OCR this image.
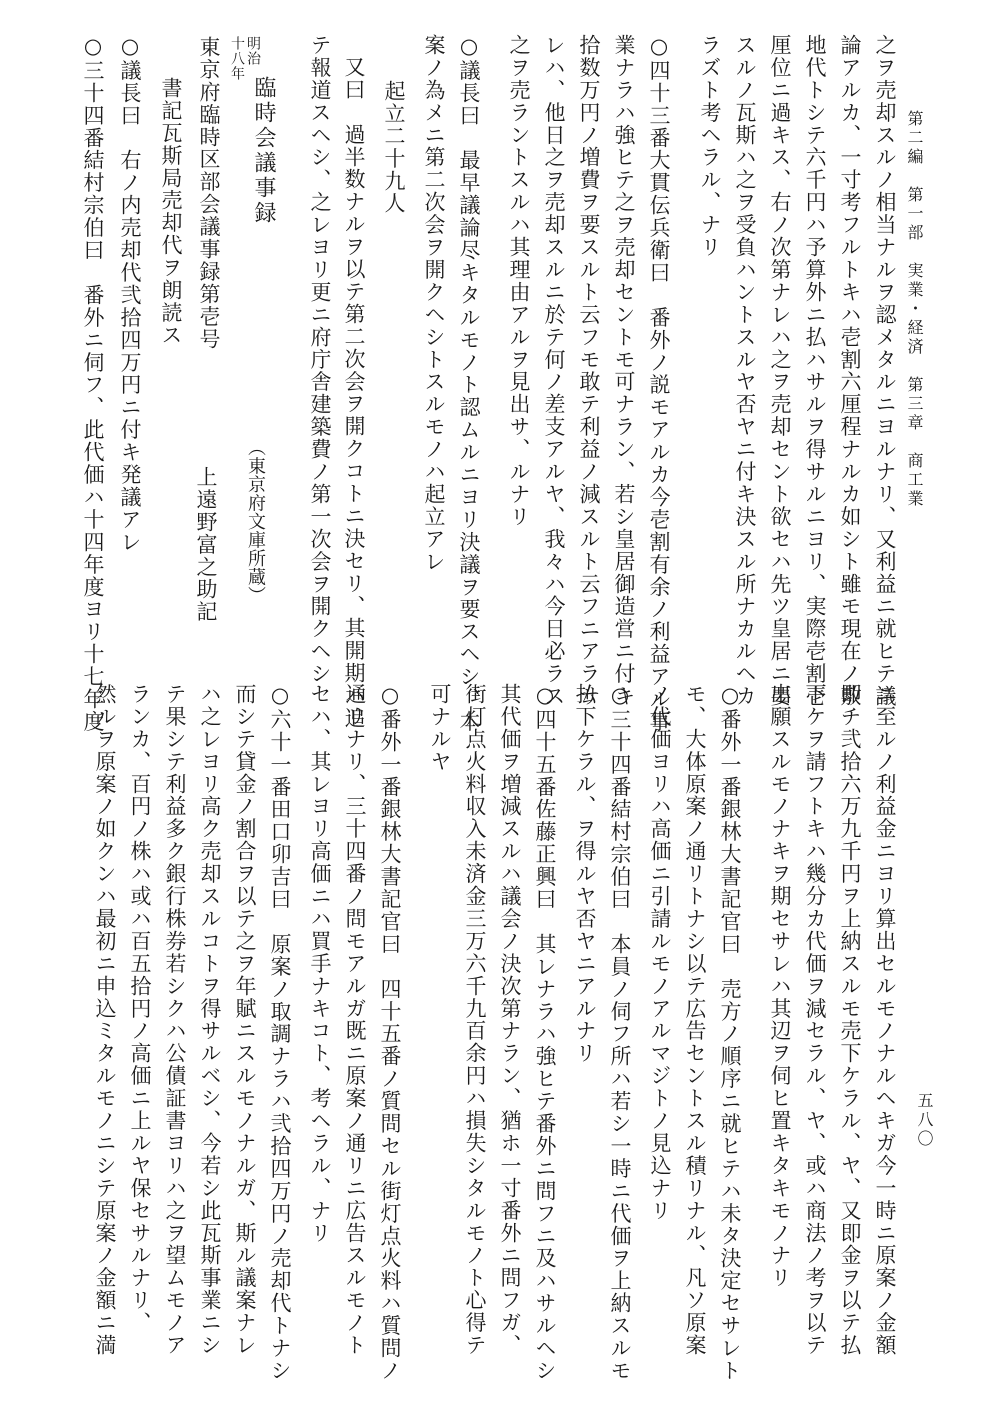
第二編　第一部　実業・経済　第三章　商工業
五八〇
之ヲ売却スルノ相当ナルヲ認メタルニヨルナリ、又利益ニ就ヒテ議
論アルカ、一寸考フルトキハ壱割六厘程ナルカ如シト雖モ現在ノ敷
地代トシテ六千円ハ予算外ニ払ハサルヲ得サルニヨリ、実際壱割壱
厘位ニ過キス、右ノ次第ナレハ之ヲ売却セント欲セハ先ツ皇居ニ要
スルノ瓦斯ハ之ヲ受負ハントスルヤ否ヤニ付キ決スル所ナカルヘカ
ラズト考ヘラル、ナリ
○四十三番大貫伝兵衛曰　番外ノ説モアルカ今壱割有余ノ利益アル事
業ナラハ強ヒテ之ヲ売却セントモ可ナラン、若シ皇居御造営ニ付キ
拾数万円ノ増費ヲ要スルト云フモ敢テ利益ノ減スルト云フニアラサ
レハ、他日之ヲ売却スルニ於テ何ノ差支アルヤ、我々ハ今日必ラス
之ヲ売ラントスルハ其理由アルヲ見出サ、ルナリ
○議長曰　最早議論尽キタルモノト認ムルニヨリ決議ヲ要スヘシ、本
案ノ為メニ第二次会ヲ開クヘシトスルモノハ起立アレ
起立二十九人
又曰　過半数ナルヲ以テ第二次会ヲ開クコトニ決セリ、其開期ハ追
テ報道スヘシ、之レヨリ更ニ府庁舎建築費ノ第一次会ヲ開クヘシ
（東京府文庫所蔵）
明治
十八年
臨時会議事録
東京府臨時区部会議事録第壱号
上遠野富之助記
書記瓦斯局売却代ヲ朗読ス
○議長曰　右ノ内売却代弐拾四万円ニ付キ発議アレ
○三十四番結村宗伯曰　番外ニ伺フ、此代価ハ十四年度ヨリ十七年度
ニ至ルノ利益金ニヨリ算出セルモノナルヘキガ今一時ニ原案ノ金額
即チ弐拾六万九千円ヲ上納スルモ売下ケラル、ヤ、又即金ヲ以テ払
下ケヲ請フトキハ幾分カ代価ヲ減セラル、ヤ、或ハ商法ノ考ヲ以テ
出願スルモノナキヲ期セサレハ其辺ヲ伺ヒ置キタキモノナリ
○番外一番銀林大書記官曰　売方ノ順序ニ就ヒテハ未タ決定セサレト
モ、大体原案ノ通リトナシ以テ広告セントスル積リナル、凡ソ原案
ノ代価ヨリハ高価ニ引請ルモノアルマジトノ見込ナリ
○三十四番結村宗伯曰　本員ノ伺フ所ハ若シ一時ニ代価ヲ上納スルモ
払下ケラル、ヲ得ルヤ否ヤニアルナリ
○四十五番佐藤正興曰　其レナラハ強ヒテ番外ニ問フニ及ハサルヘシ
其代価ヲ増減スルハ議会ノ決次第ナラン、猶ホ一寸番外ニ問フガ、
街灯点火料収入未済金三万六千九百余円ハ損失シタルモノト心得テ
可ナルヤ
○番外一番銀林大書記官曰　四十五番ノ質問セル街灯点火料ハ質問ノ
通リナリ、三十四番ノ問モアルガ既ニ原案ノ通リニ広告スルモノト
セハ、其レヨリ高価ニハ買手ナキコト、考ヘラル、ナリ
○六十一番田口卯吉曰　原案ノ取調ナラハ弐拾四万円ノ売却代トナシ
而シテ貸金ノ割合ヲ以テ之ヲ年賦ニスルモノナルガ、斯ル議案ナレ
ハ之レヨリ高ク売却スルコトヲ得サルベシ、今若シ此瓦斯事業ニシ
テ果シテ利益多ク銀行株券若シクハ公債証書ヨリハ之ヲ望ムモノア
ランカ、百円ノ株ハ或ハ百五拾円ノ高価ニ上ルヤ保セサルナリ、
然ルヲ原案ノ如クンハ最初ニ申込ミタルモノニシテ原案ノ金額ニ満
